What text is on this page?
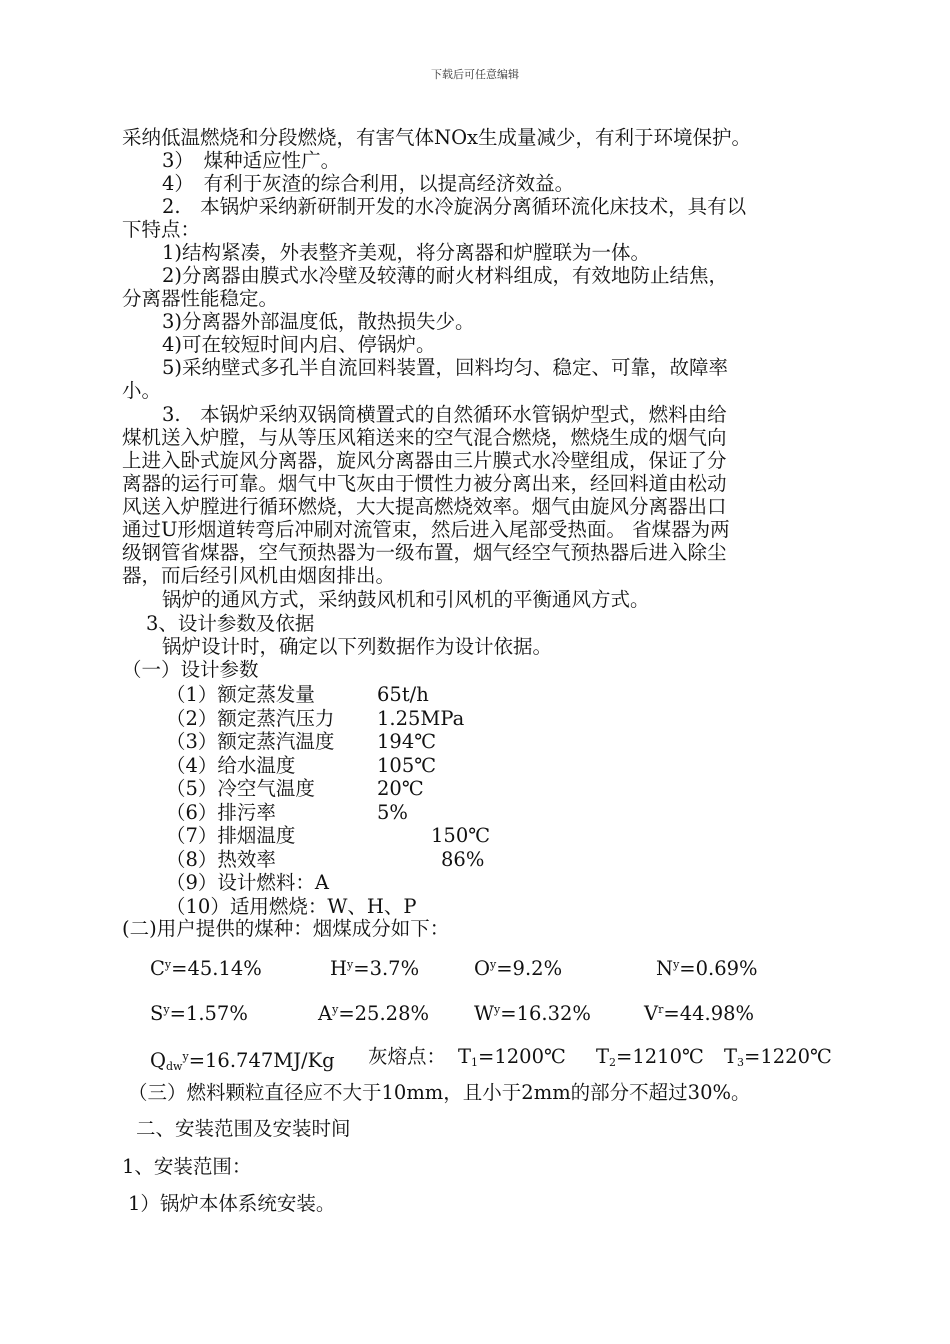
下载后可任意编辑
采纳低温燃烧和分段燃烧，有害气体NOx生成量减少，有利于环境保护。
3）　煤种适应性广。
4）　有利于灰渣的综合利用，以提高经济效益。
2.　本锅炉采纳新研制开发的水冷旋涡分离循环流化床技术，具有以
下特点：
1)结构紧凑，外表整齐美观，将分离器和炉膛联为一体。
2)分离器由膜式水冷壁及较薄的耐火材料组成，有效地防止结焦，
分离器性能稳定。
3)分离器外部温度低，散热损失少。
4)可在较短时间内启、停锅炉。
5)采纳壁式多孔半自流回料装置，回料均匀、稳定、可靠，故障率
小。
3.　本锅炉采纳双锅筒横置式的自然循环水管锅炉型式，燃料由给
煤机送入炉膛，与从等压风箱送来的空气混合燃烧，燃烧生成的烟气向
上进入卧式旋风分离器，旋风分离器由三片膜式水冷壁组成，保证了分
离器的运行可靠。烟气中飞灰由于惯性力被分离出来，经回料道由松动
风送入炉膛进行循环燃烧，大大提高燃烧效率。烟气由旋风分离器出口
通过U形烟道转弯后冲刷对流管束，然后进入尾部受热面。 省煤器为两
级钢管省煤器，空气预热器为一级布置，烟气经空气预热器后进入除尘
器，而后经引风机由烟囱排出。
锅炉的通风方式，采纳鼓风机和引风机的平衡通风方式。
3、设计参数及依据
锅炉设计时，确定以下列数据作为设计依据。
（一）设计参数
（1）额定蒸发量	65t/h
（2）额定蒸汽压力 1.25MPa
（3）额定蒸汽温度 194℃
（4）给水温度	105℃
（5）冷空气温度	20℃
（6）排污率	5%
（7）排烟温度	150℃
（8）热效率	86%
（9）设计燃料：A
（10）适用燃烧：W、H、P
(二)用户提供的煤种：烟煤成分如下：
$C^y=45.14\%$	$H^y=3.7\%$	$O^y=9.2\%$	$N^y=0.69\%$
$S^y=1.57\%$	$A^y=25.28\%$ $W^y=16.32\%$	$V^r=44.98\%$
$Q_{dw}^y=16.747MJ/Kg$ 灰熔点： $T_1=1200℃$ $T_2=1210℃$ $T_3=1220℃$
（三）燃料颗粒直径应不大于10mm，且小于2mm的部分不超过30%。
二、安装范围及安装时间
1、安装范围：
1）锅炉本体系统安装。
